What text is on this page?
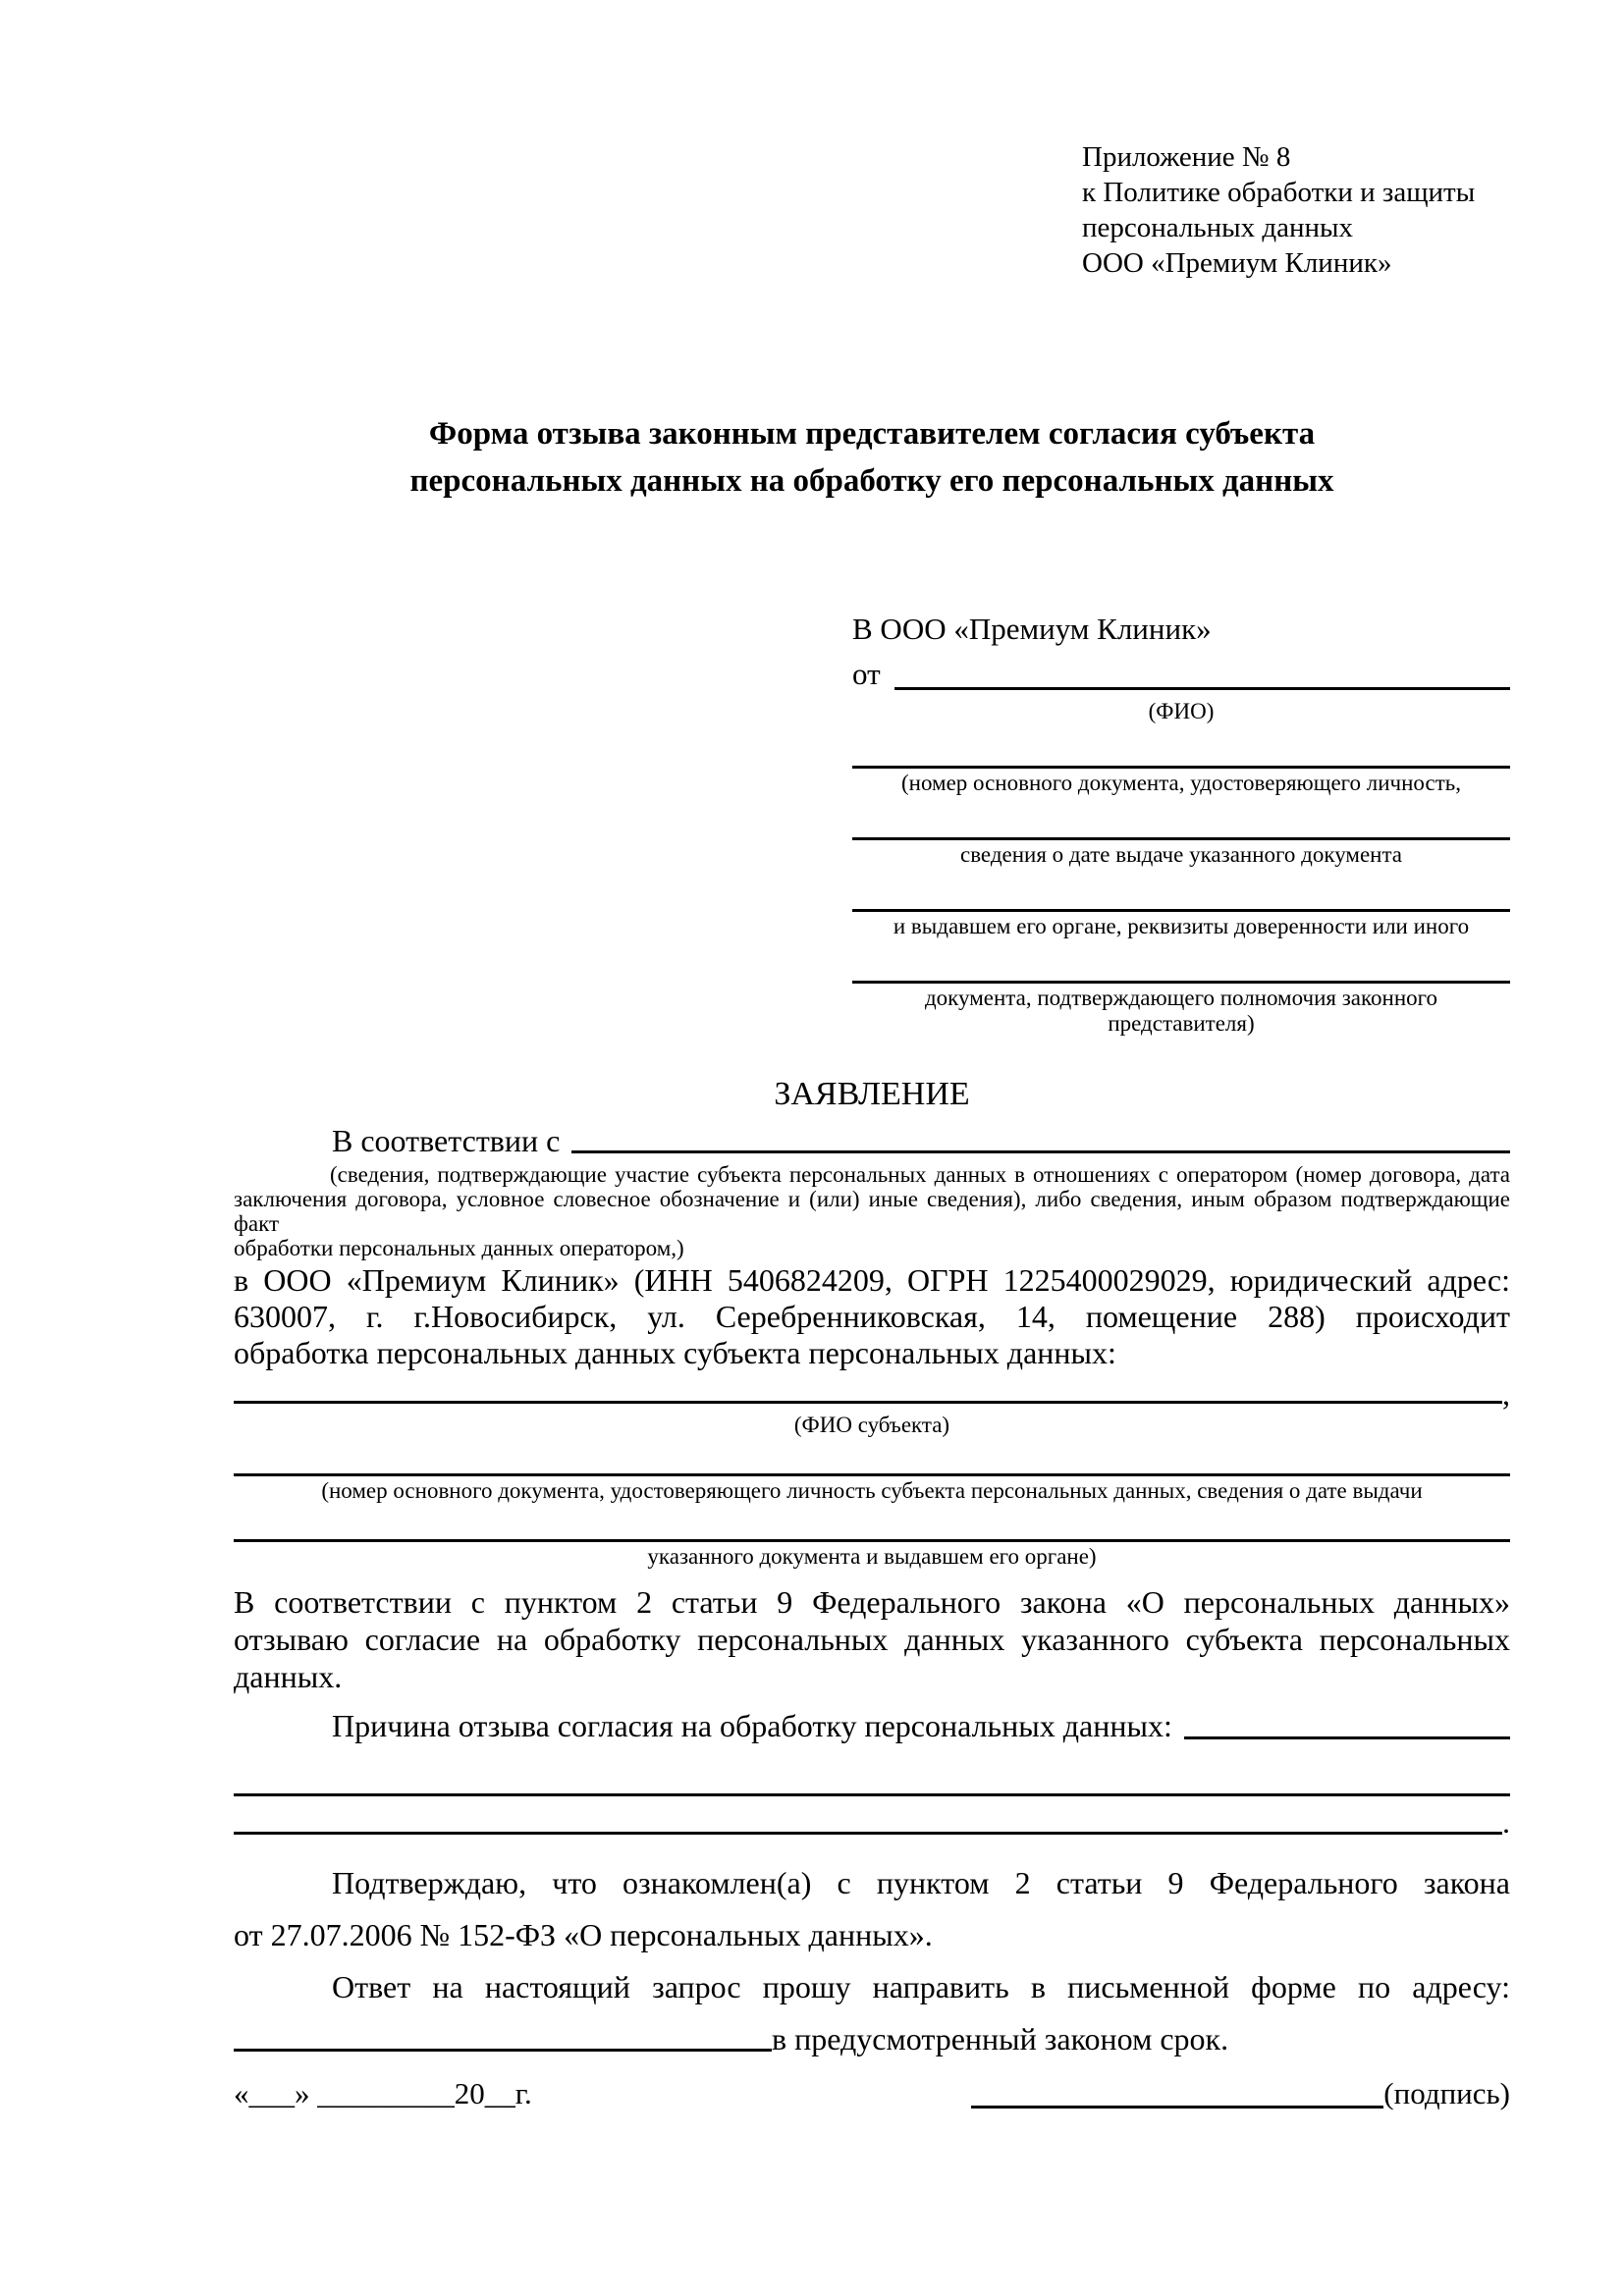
Приложение № 8
к Политике обработки и защиты
персональных данных
ООО «Премиум Клиник»
Форма отзыва законным представителем согласия субъекта
персональных данных на обработку его персональных данных
В ООО «Премиум Клиник»
от
(ФИО)
(номер основного документа, удостоверяющего личность,
сведения о дате выдаче указанного документа
и выдавшем его органе, реквизиты доверенности или иного
документа, подтверждающего полномочия законного представителя)
ЗАЯВЛЕНИЕ
В соответствии с
(сведения, подтверждающие участие субъекта персональных данных в отношениях с оператором (номер договора, дата
заключения договора, условное словесное обозначение и (или) иные сведения), либо сведения, иным образом подтверждающие факт
обработки персональных данных оператором,)
в ООО «Премиум Клиник» (ИНН 5406824209, ОГРН 1225400029029, юридический адрес:
630007, г. г.Новосибирск, ул. Серебренниковская, 14, помещение 288) происходит
обработка персональных данных субъекта персональных данных:
,
(ФИО субъекта)
(номер основного документа, удостоверяющего личность субъекта персональных данных, сведения о дате выдачи
указанного документа и выдавшем его органе)
В соответствии с пунктом 2 статьи 9 Федерального закона «О персональных данных»
отзываю согласие на обработку персональных данных указанного субъекта персональных
данных.
Причина отзыва согласия на обработку персональных данных:
.
Подтверждаю, что ознакомлен(а) с пунктом 2 статьи 9 Федерального закона
от 27.07.2006 № 152-ФЗ «О персональных данных».
Ответ на настоящий запрос прошу направить в письменной форме по адресу:
в предусмотренный законом срок.
«___» _________20__г.	(подпись)
